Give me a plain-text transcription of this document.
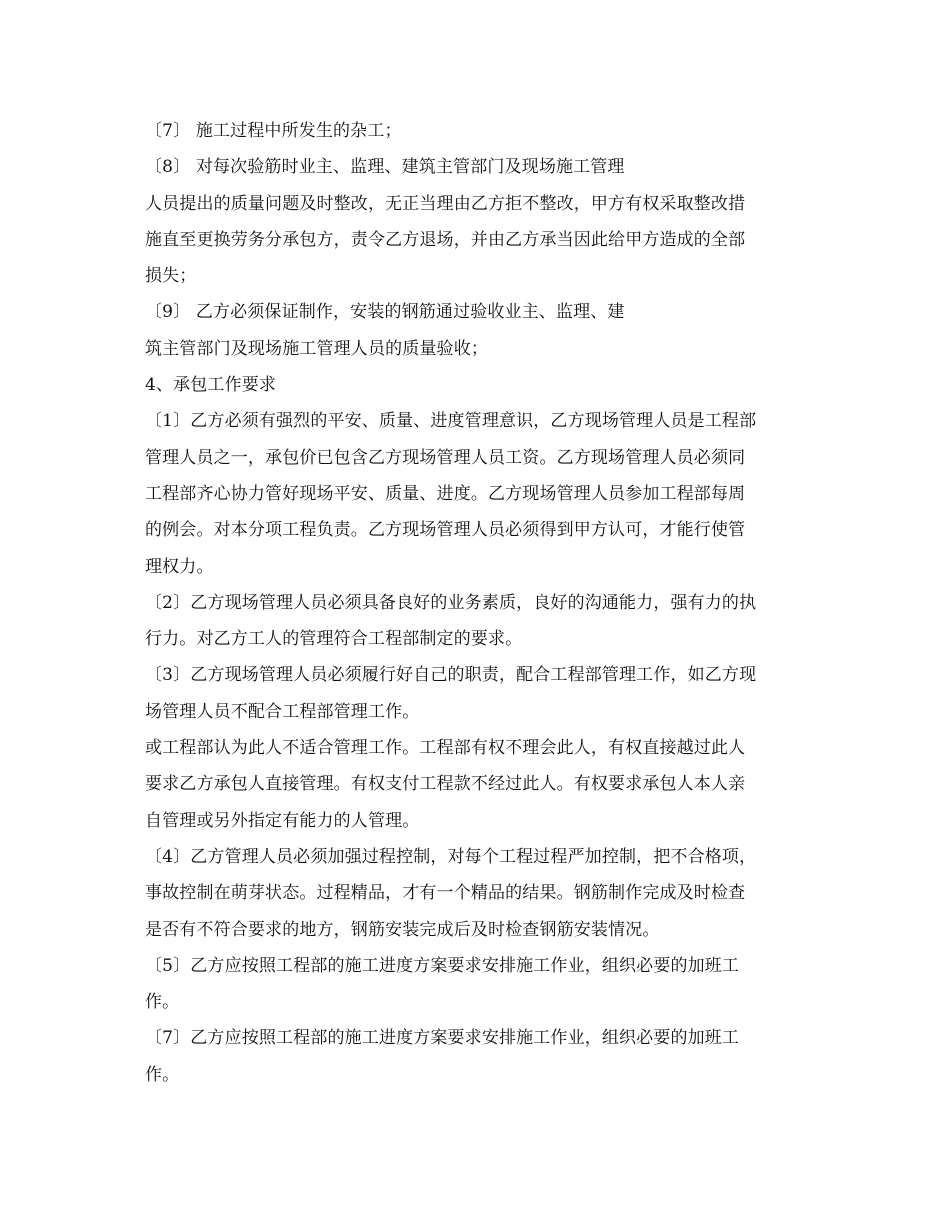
〔7〕 施工过程中所发生的杂工；
〔8〕 对每次验筋时业主、监理、建筑主管部门及现场施工管理
人员提出的质量问题及时整改，无正当理由乙方拒不整改，甲方有权采取整改措
施直至更换劳务分承包方，责令乙方退场，并由乙方承当因此给甲方造成的全部
损失；
〔9〕 乙方必须保证制作，安装的钢筋通过验收业主、监理、建
筑主管部门及现场施工管理人员的质量验收；
4、承包工作要求
〔1〕乙方必须有强烈的平安、质量、进度管理意识，乙方现场管理人员是工程部
管理人员之一，承包价已包含乙方现场管理人员工资。乙方现场管理人员必须同
工程部齐心协力管好现场平安、质量、进度。乙方现场管理人员参加工程部每周
的例会。对本分项工程负责。乙方现场管理人员必须得到甲方认可，才能行使管
理权力。
〔2〕乙方现场管理人员必须具备良好的业务素质，良好的沟通能力，强有力的执
行力。对乙方工人的管理符合工程部制定的要求。
〔3〕乙方现场管理人员必须履行好自己的职责，配合工程部管理工作，如乙方现
场管理人员不配合工程部管理工作。
或工程部认为此人不适合管理工作。工程部有权不理会此人，有权直接越过此人
要求乙方承包人直接管理。有权支付工程款不经过此人。有权要求承包人本人亲
自管理或另外指定有能力的人管理。
〔4〕乙方管理人员必须加强过程控制，对每个工程过程严加控制，把不合格项，
事故控制在萌芽状态。过程精品，才有一个精品的结果。钢筋制作完成及时检查
是否有不符合要求的地方，钢筋安装完成后及时检查钢筋安装情况。
〔5〕乙方应按照工程部的施工进度方案要求安排施工作业，组织必要的加班工
作。
〔7〕乙方应按照工程部的施工进度方案要求安排施工作业，组织必要的加班工
作。
